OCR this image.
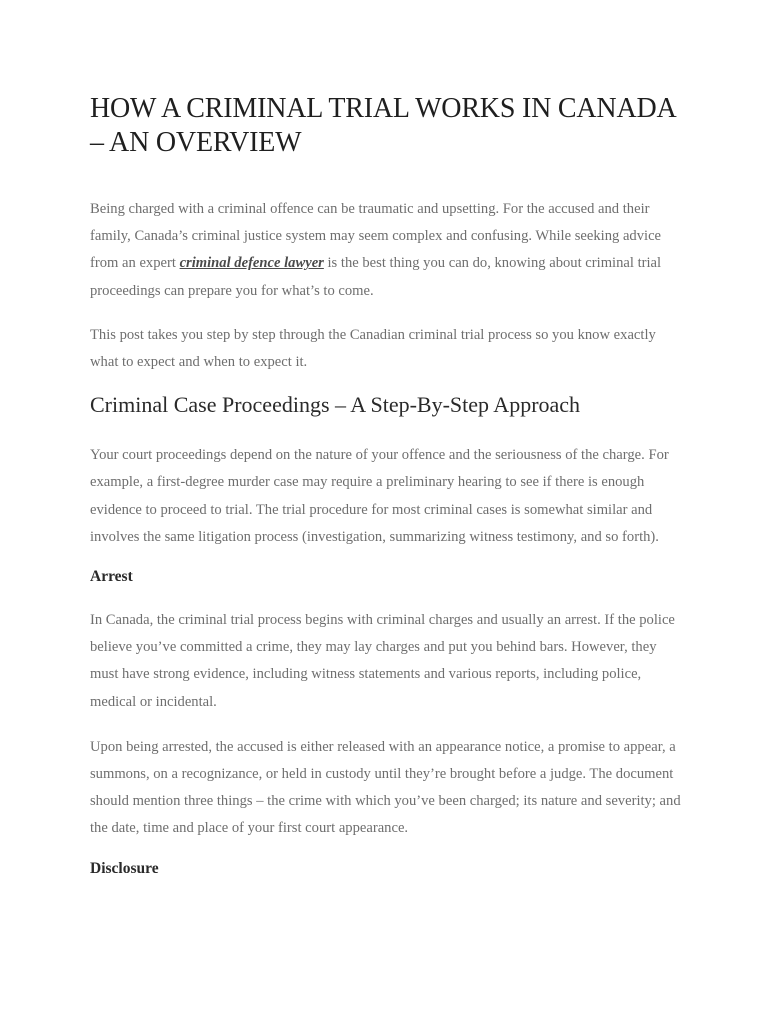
HOW A CRIMINAL TRIAL WORKS IN CANADA – AN OVERVIEW

Being charged with a criminal offence can be traumatic and upsetting. For the accused and their family, Canada’s criminal justice system may seem complex and confusing. While seeking advice from an expert criminal defence lawyer is the best thing you can do, knowing about criminal trial proceedings can prepare you for what’s to come.

This post takes you step by step through the Canadian criminal trial process so you know exactly what to expect and when to expect it.

Criminal Case Proceedings – A Step-By-Step Approach

Your court proceedings depend on the nature of your offence and the seriousness of the charge. For example, a first-degree murder case may require a preliminary hearing to see if there is enough evidence to proceed to trial. The trial procedure for most criminal cases is somewhat similar and involves the same litigation process (investigation, summarizing witness testimony, and so forth).

Arrest

In Canada, the criminal trial process begins with criminal charges and usually an arrest. If the police believe you’ve committed a crime, they may lay charges and put you behind bars. However, they must have strong evidence, including witness statements and various reports, including police, medical or incidental.

Upon being arrested, the accused is either released with an appearance notice, a promise to appear, a summons, on a recognizance, or held in custody until they’re brought before a judge. The document should mention three things – the crime with which you’ve been charged; its nature and severity; and the date, time and place of your first court appearance.

Disclosure
